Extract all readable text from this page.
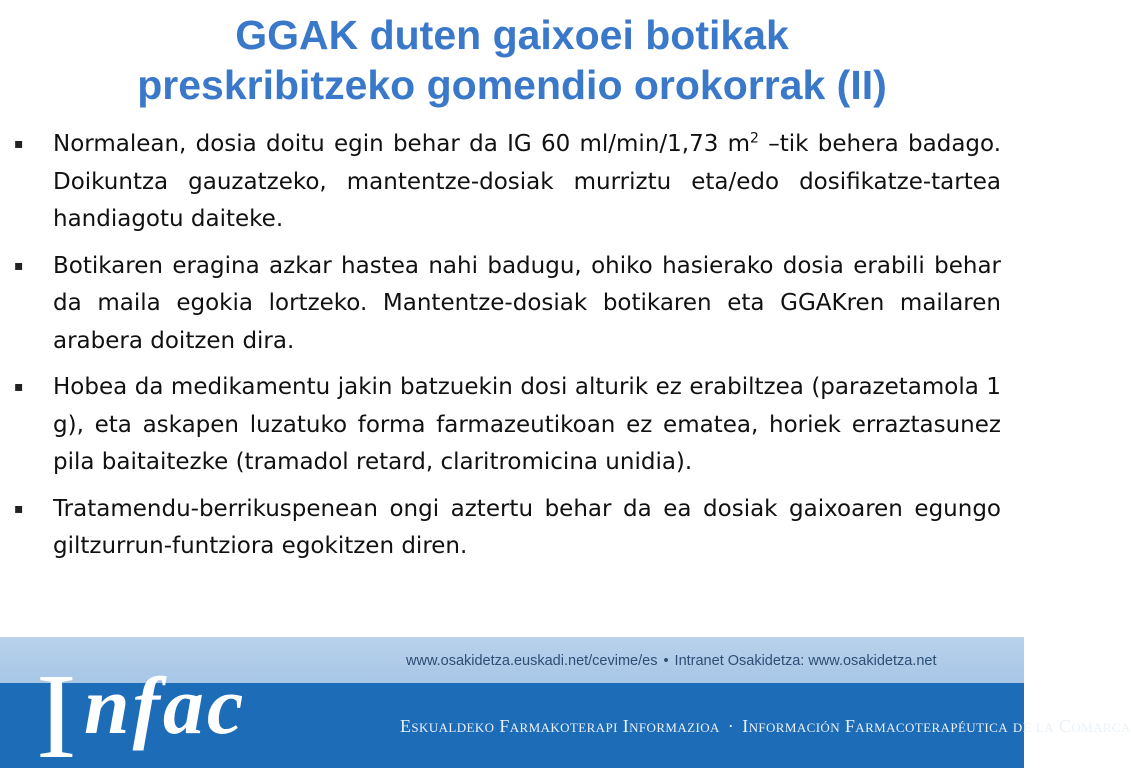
GGAK duten gaixoei botikak
preskribitzeko gomendio orokorrak (II)
▪ Normalean, dosia doitu egin behar da IG 60 ml/min/1,73 $m^2$ –tik behera badago. Doikuntza gauzatzeko, mantentze-dosiak murriztu eta/edo dosifikatze-tartea handiagotu daiteke.
▪ Botikaren eragina azkar hastea nahi badugu, ohiko hasierako dosia erabili behar da maila egokia lortzeko. Mantentze-dosiak botikaren eta GGAKren mailaren arabera doitzen dira.
▪ Hobea da medikamentu jakin batzuekin dosi alturik ez erabiltzea (parazetamola 1 g), eta askapen luzatuko forma farmazeutikoan ez ematea, horiek erraztasunez pila baitaitezke (tramadol retard, claritromicina unidia).
▪ Tratamendu-berrikuspenean ongi aztertu behar da ea dosiak gaixoaren egungo giltzurrun-funtziora egokitzen diren.
www.osakidetza.euskadi.net/cevime/es • Intranet Osakidetza: www.osakidetza.net
I nfac	Eskualdeko Farmakoterapi Informazioa · Información Farmacoterapéutica de la Comarca
